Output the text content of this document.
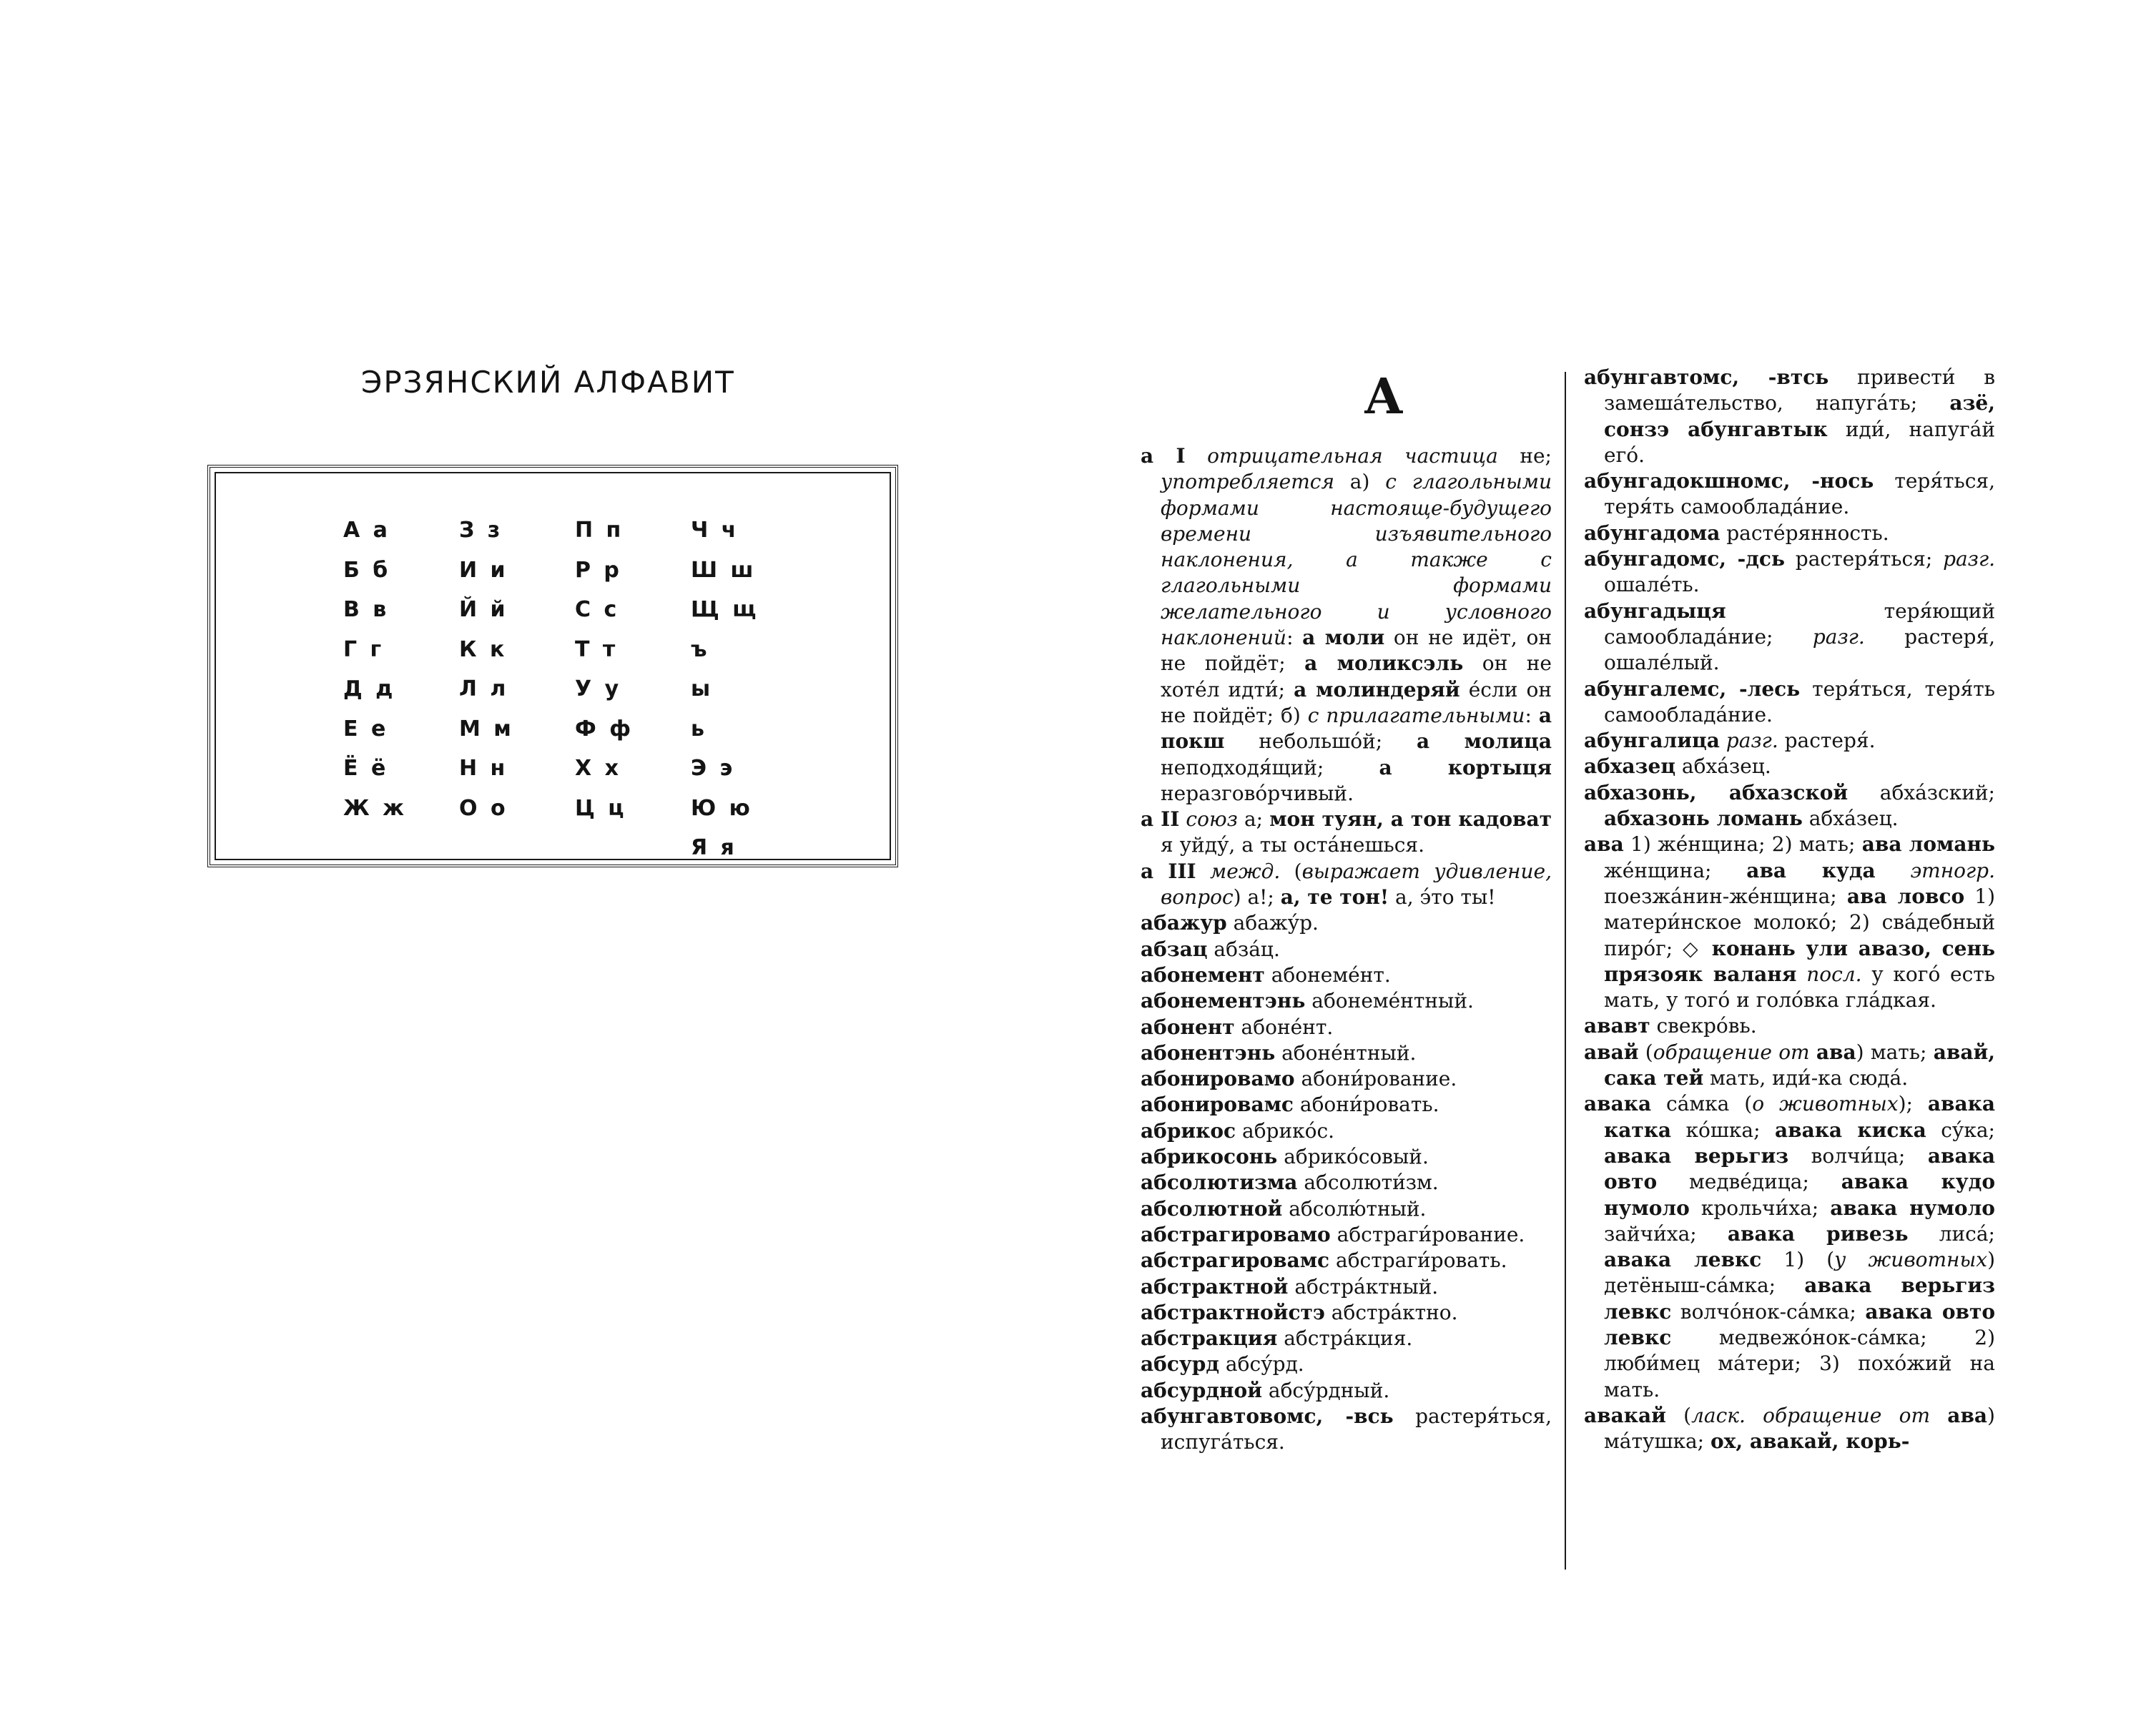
ЭРЗЯНСКИЙ АЛФАВИТ
А а
Б б
В в
Г г
Д д
Е е
Ё ё
Ж ж
З з
И и
Й й
К к
Л л
М м
Н н
О о
П п
Р р
С с
Т т
У у
Ф ф
Х х
Ц ц
Ч ч
Ш ш
Щ щ
ъ
ы
ь
Э э
Ю ю
Я я
А

а I отрицательная частица не; употребляется а) с глагольными формами настояще-будущего времени изъявительного наклонения, а также с глагольными формами желательного и условного наклонений: а моли он не идёт, он не пойдёт; а моликсэль он не хотéл идти́; а молиндеряй éсли он не пойдёт; б) с прилагательными: а покш небольшо́й; а молица неподходя́щий; а кортыця неразгово́рчивый.

а II союз а; мон туян, а тон кадоват я уйду́, а ты оста́нешься.

а III межд. (выражает удивление, вопрос) а!; а, те тон! а, э́то ты!

абажур абажу́р.

абзац абза́ц.

абонемент абонемéнт.

абонементэнь абонемéнтный.

абонент абонéнт.

абонентэнь абонéнтный.

абонировамо абони́рование.

абонировамс абони́ровать.

абрикос абрико́с.

абрикосонь абрико́совый.

абсолютизма абсолюти́зм.

абсолютной абсолю́тный.

абстрагировамо абстраги́рование.

абстрагировамс абстраги́ровать.

абстрактной абстра́ктный.

абстрактнойстэ абстра́ктно.

абстракция абстра́кция.

абсурд абсу́рд.

абсурдной абсу́рдный.

абунгавтовомс, -всь растеря́ться, испуга́ться.

абунгавтомс, -втсь привести́ в замеша́тельство, напуга́ть; азё, сонзэ абунгавтык иди́, напуга́й его́.

абунгадокшномс, -нось теря́ться, теря́ть самооблада́ние.

абунгадома растéрянность.

абунгадомс, -дсь растеря́ться; разг. ошалéть.

абунгадыця теря́ющий самооблада́ние; разг. растеря́, ошалéлый.

абунгалемс, -лесь теря́ться, теря́ть самооблада́ние.

абунгалица разг. растеря́.

абхазец абха́зец.

абхазонь, абхазской абха́зский; абхазонь ломань абха́зец.

ава 1) жéнщина; 2) мать; ава ломань жéнщина; ава куда этногр. поезжа́нин-жéнщина; ава ловсо 1) матери́нское молоко́; 2) сва́дебный пиро́г; ◇ конань ули авазо, сень прязояк валаня посл. у кого́ есть мать, у того́ и голо́вка гла́дкая.

ававт свекро́вь.

авай (обращение от ава) мать; авай, сака тей мать, иди́-ка сюда́.

авака са́мка (о животных); авака катка ко́шка; авака киска су́ка; авака верьгиз волчи́ца; авака овто медвéдица; авака кудо нумоло крольчи́ха; авака нумоло зайчи́ха; авака ривезь лиса́; авака левкс 1) (у животных) детёныш-са́мка; авака верьгиз левкс волчо́нок-са́мка; авака овто левкс медвежо́нок-са́мка; 2) люби́мец ма́тери; 3) похо́жий на мать.

авакай (ласк. обращение от ава) ма́тушка; ох, авакай, корь-
